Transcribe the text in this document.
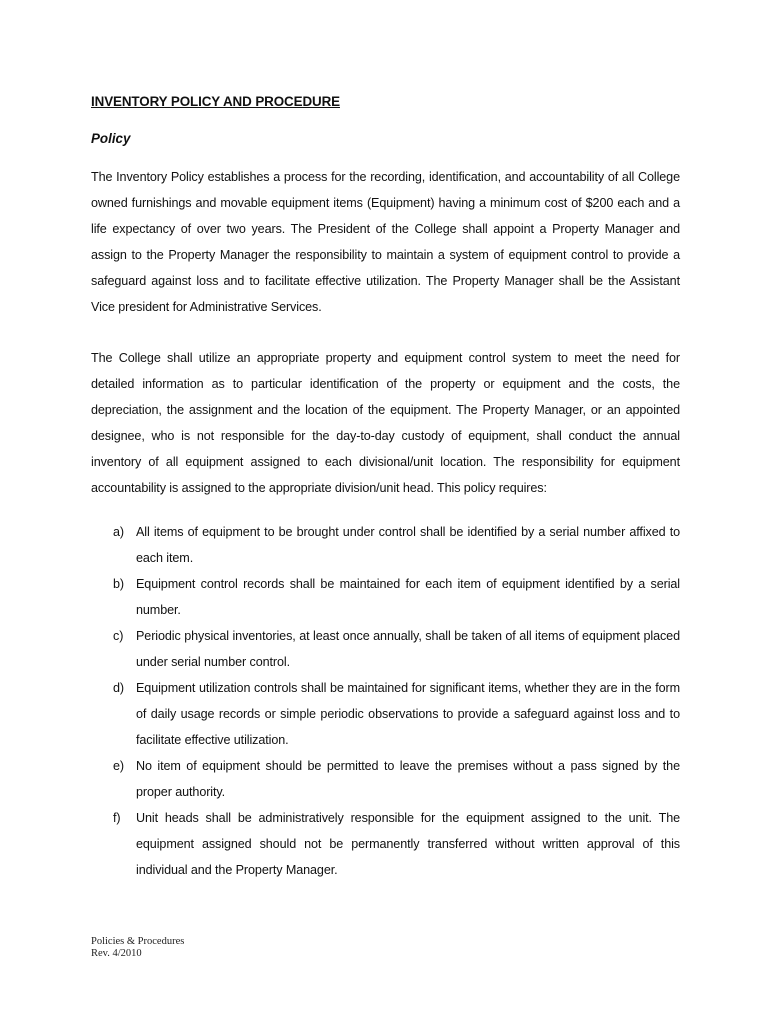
INVENTORY POLICY AND PROCEDURE
Policy

The Inventory Policy establishes a process for the recording, identification, and accountability of all College owned furnishings and movable equipment items (Equipment) having a minimum cost of $200 each and a life expectancy of over two years. The President of the College shall appoint a Property Manager and assign to the Property Manager the responsibility to maintain a system of equipment control to provide a safeguard against loss and to facilitate effective utilization. The Property Manager shall be the Assistant Vice president for Administrative Services.

The College shall utilize an appropriate property and equipment control system to meet the need for detailed information as to particular identification of the property or equipment and the costs, the depreciation, the assignment and the location of the equipment. The Property Manager, or an appointed designee, who is not responsible for the day-to-day custody of equipment, shall conduct the annual inventory of all equipment assigned to each divisional/unit location. The responsibility for equipment accountability is assigned to the appropriate division/unit head. This policy requires:

a) All items of equipment to be brought under control shall be identified by a serial number affixed to each item.
b) Equipment control records shall be maintained for each item of equipment identified by a serial number.
c) Periodic physical inventories, at least once annually, shall be taken of all items of equipment placed under serial number control.
d) Equipment utilization controls shall be maintained for significant items, whether they are in the form of daily usage records or simple periodic observations to provide a safeguard against loss and to facilitate effective utilization.
e) No item of equipment should be permitted to leave the premises without a pass signed by the proper authority.
f) Unit heads shall be administratively responsible for the equipment assigned to the unit. The equipment assigned should not be permanently transferred without written approval of this individual and the Property Manager.
Policies & Procedures
Rev. 4/2010
